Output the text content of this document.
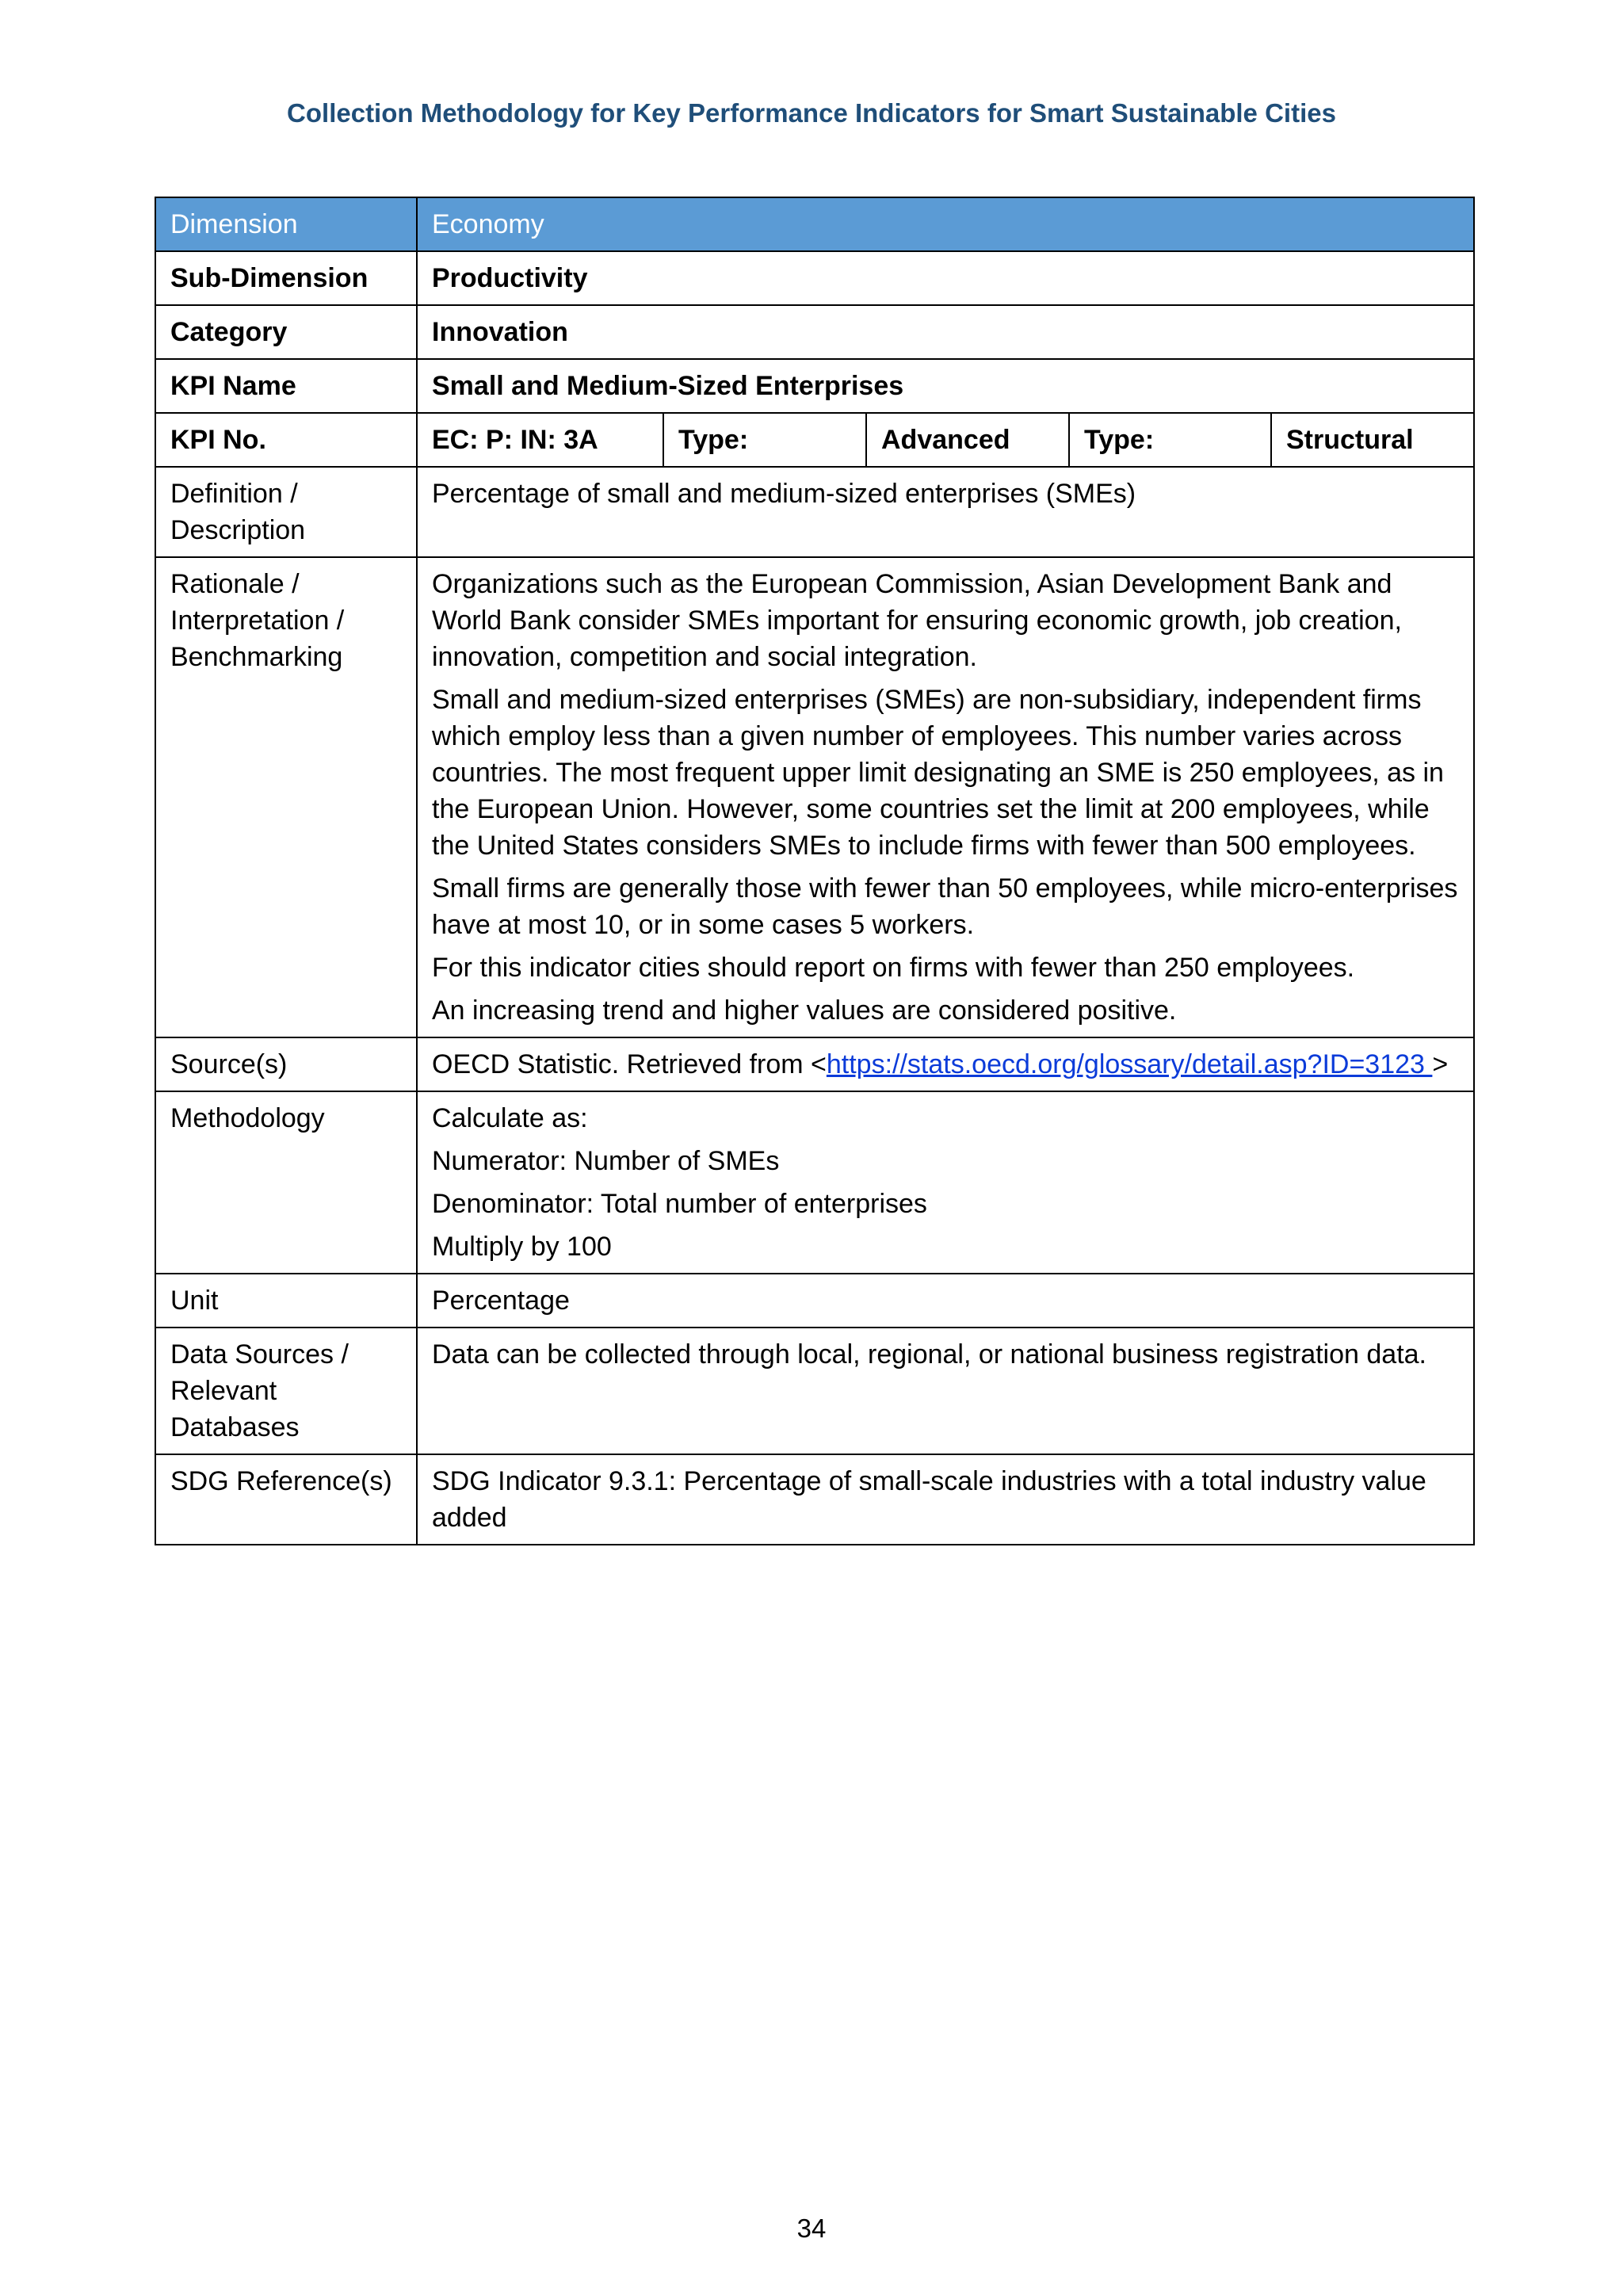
Collection Methodology for Key Performance Indicators for Smart Sustainable Cities
Dimension	Economy				
Sub-Dimension	Productivity				
Category	Innovation				
KPI Name	Small and Medium-Sized Enterprises				
KPI No.	EC: P: IN: 3A	Type:	Advanced	Type:	Structural
Definition / Description	Percentage of small and medium-sized enterprises (SMEs)				
Rationale / Interpretation / Benchmarking	Organizations such as the European Commission, Asian Development Bank and World Bank consider SMEs important for ensuring economic growth, job creation, innovation, competition and social integration.
Small and medium-sized enterprises (SMEs) are non-subsidiary, independent firms which employ less than a given number of employees. This number varies across countries. The most frequent upper limit designating an SME is 250 employees, as in the European Union. However, some countries set the limit at 200 employees, while the United States considers SMEs to include firms with fewer than 500 employees.
Small firms are generally those with fewer than 50 employees, while micro-enterprises have at most 10, or in some cases 5 workers.
For this indicator cities should report on firms with fewer than 250 employees.
An increasing trend and higher values are considered positive.				

Source(s)	OECD Statistic. Retrieved from <https://stats.oecd.org/glossary/detail.asp?ID=3123 >				
Methodology	Calculate as:
Numerator: Number of SMEs
Denominator: Total number of enterprises
Multiply by 100				

Unit	Percentage				
Data Sources / Relevant Databases	Data can be collected through local, regional, or national business registration data.				
SDG Reference(s)	SDG Indicator 9.3.1: Percentage of small-scale industries with a total industry value added				
34
